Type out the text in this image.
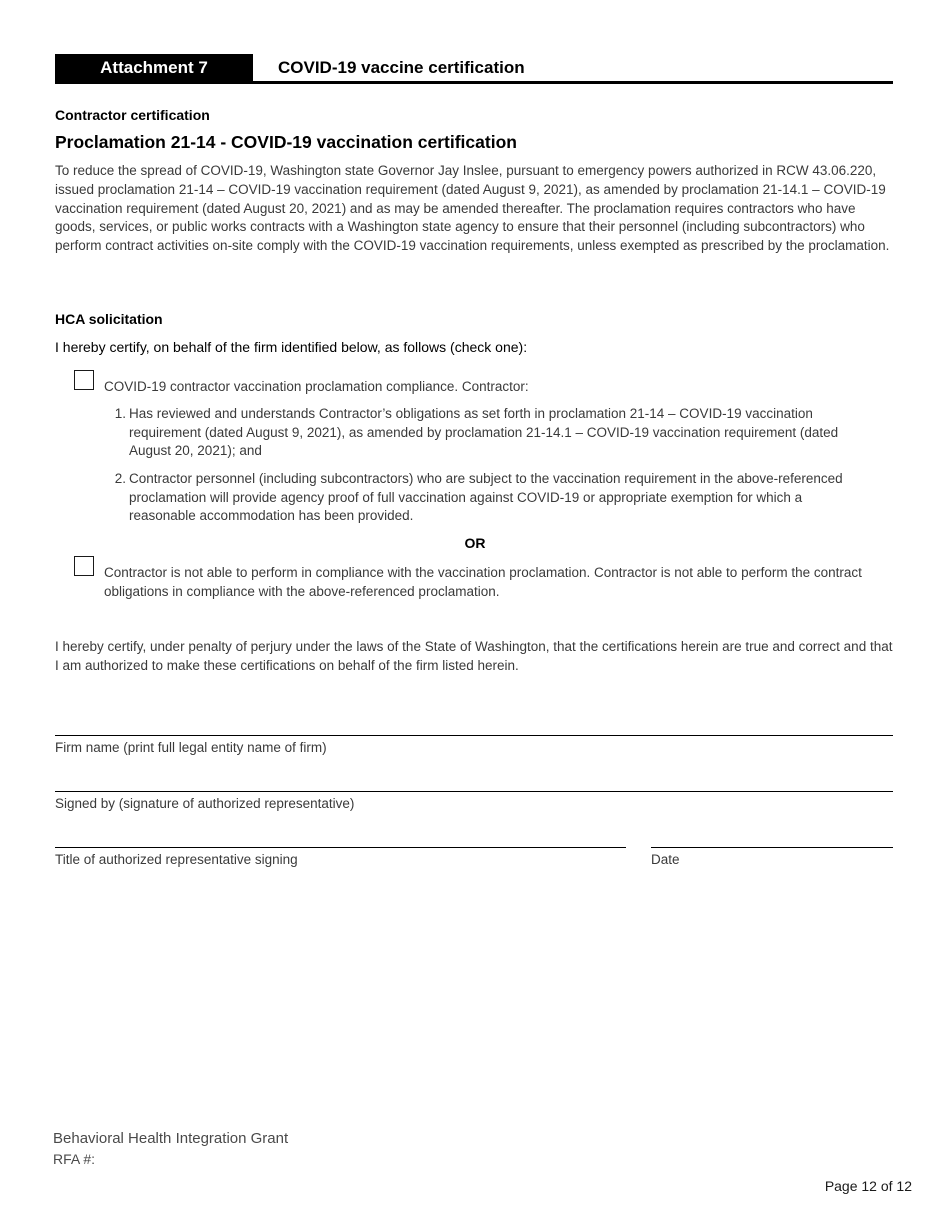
Attachment 7	COVID-19 vaccine certification
Contractor certification
Proclamation 21-14 - COVID-19 vaccination certification

To reduce the spread of COVID-19, Washington state Governor Jay Inslee, pursuant to emergency powers authorized in RCW 43.06.220, issued proclamation 21-14 – COVID-19 vaccination requirement (dated August 9, 2021), as amended by proclamation 21-14.1 – COVID-19 vaccination requirement (dated August 20, 2021) and as may be amended thereafter. The proclamation requires contractors who have goods, services, or public works contracts with a Washington state agency to ensure that their personnel (including subcontractors) who perform contract activities on-site comply with the COVID-19 vaccination requirements, unless exempted as prescribed by the proclamation.

HCA solicitation
I hereby certify, on behalf of the firm identified below, as follows (check one):

COVID-19 contractor vaccination proclamation compliance. Contractor:

1. Has reviewed and understands Contractor’s obligations as set forth in proclamation 21-14 – COVID-19 vaccination requirement (dated August 9, 2021), as amended by proclamation 21-14.1 – COVID-19 vaccination requirement (dated August 20, 2021); and
2. Contractor personnel (including subcontractors) who are subject to the vaccination requirement in the above-referenced proclamation will provide agency proof of full vaccination against COVID-19 or appropriate exemption for which a reasonable accommodation has been provided.
OR

Contractor is not able to perform in compliance with the vaccination proclamation. Contractor is not able to perform the contract obligations in compliance with the above-referenced proclamation.

I hereby certify, under penalty of perjury under the laws of the State of Washington, that the certifications herein are true and correct and that I am authorized to make these certifications on behalf of the firm listed herein.

Firm name (print full legal entity name of firm)
Signed by (signature of authorized representative)
Title of authorized representative signing	Date
Behavioral Health Integration Grant
RFA #:
Page 12 of 12
